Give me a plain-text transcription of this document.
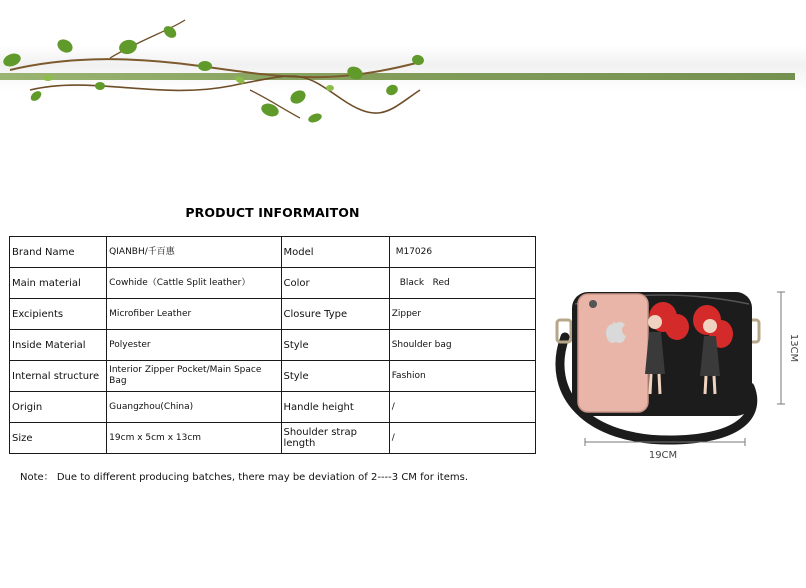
PRODUCT INFORMAITON
Brand Name	QIANBH/千百惠	Model	M17026
Main material	Cowhide（Cattle Split leather）	Color	Black   Red
Excipients	Microfiber Leather	Closure Type	Zipper
Inside Material	Polyester	Style	Shoulder bag
Internal structure	Interior Zipper Pocket/Main Space Bag	Style	Fashion
Origin	Guangzhou(China)	Handle height	/
Size	19cm x 5cm x 13cm	Shoulder strap length	/
Note： Due to different producing batches, there may be deviation of 2----3 CM for items.
19CM
13CM
